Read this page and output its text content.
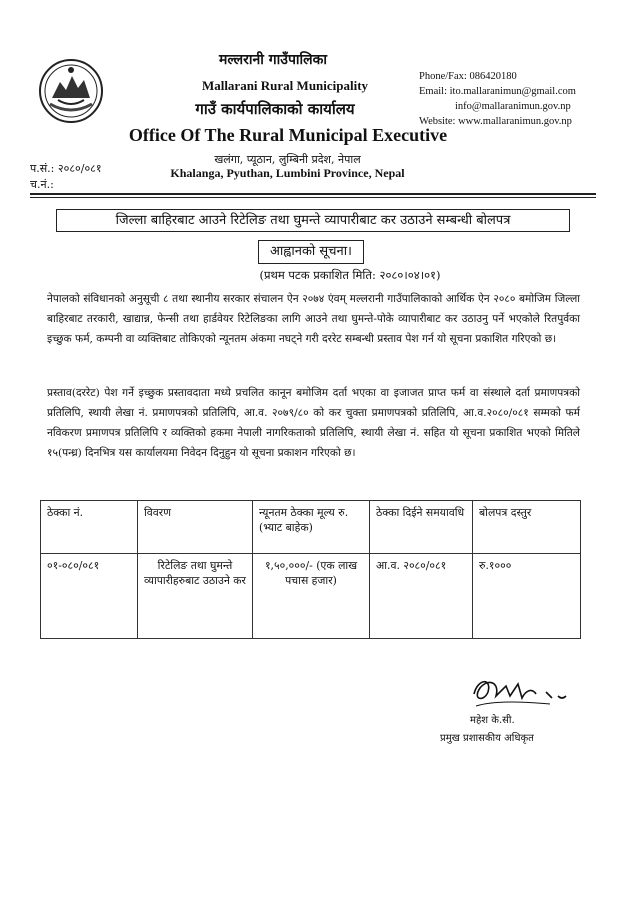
मल्लरानी गाउँपालिका
Mallarani Rural Municipality
गाउँ कार्यपालिकाको कार्यालय
Office Of The Rural Municipal Executive
खलंगा, प्यूठान, लुम्बिनी प्रदेश, नेपाल
Khalanga, Pyuthan, Lumbini Province, Nepal
Phone/Fax: 086420180
Email: ito.mallaranimun@gmail.com
info@mallaranimun.gov.np
Website: www.mallaranimun.gov.np
प.सं.: २०८०/०८१
च.नं.:
जिल्ला बाहिरबाट आउने रिटेलिङ तथा घुमन्ते व्यापारीबाट कर उठाउने सम्बन्धी बोलपत्र
आह्वानको सूचना।
(प्रथम पटक प्रकाशित मिति: २०८०।०४।०१)
नेपालको संविधानको अनुसूची ८ तथा स्थानीय सरकार संचालन ऐन २०७४ एंवम् मल्लरानी गाउँपालिकाको आर्थिक ऐन २०८० बमोजिम जिल्ला बाहिरबाट तरकारी, खाद्यान्न, फेन्सी तथा हार्डवेयर रिटेलिङका लागि आउने तथा घुमन्ते-पोके व्यापारीबाट कर उठाउनु पर्ने भएकोले रितपुर्वका इच्छुक फर्म, कम्पनी वा व्यक्तिबाट तोकिएको न्यूनतम अंकमा नघट्ने गरी दररेट सम्बन्धी प्रस्ताव पेश गर्न यो सूचना प्रकाशित गरिएको छ।
प्रस्ताव(दररेट) पेश गर्ने इच्छुक प्रस्तावदाता मध्ये प्रचलित कानून बमोजिम दर्ता भएका वा इजाजत प्राप्त फर्म वा संस्थाले दर्ता प्रमाणपत्रको प्रतिलिपि, स्थायी लेखा नं. प्रमाणपत्रको प्रतिलिपि, आ.व. २०७९/८० को कर चुक्ता प्रमाणपत्रको प्रतिलिपि, आ.व.२०८०/०८१ सम्मको फर्म नविकरण प्रमाणपत्र प्रतिलिपि र व्यक्तिको हकमा नेपाली नागरिकताको प्रतिलिपि, स्थायी लेखा नं. सहित यो सूचना प्रकाशित भएको मितिले १५(पन्ध्र) दिनभित्र यस कार्यालयमा निवेदन दिनुहुन यो सूचना प्रकाशन गरिएको छ।
ठेक्का नं.	विवरण	न्यूनतम ठेक्का मूल्य रु. (भ्याट बाहेक)	ठेक्का दिईने समयावधि	बोलपत्र दस्तुर
०१-०८०/०८१	रिटेलिङ तथा घुमन्ते व्यापारीहरुबाट उठाउने कर	१,५०,०००/- (एक लाख पचास हजार)	आ.व. २०८०/०८१	रु.१०००
महेश के.सी.
प्रमुख प्रशासकीय अधिकृत
